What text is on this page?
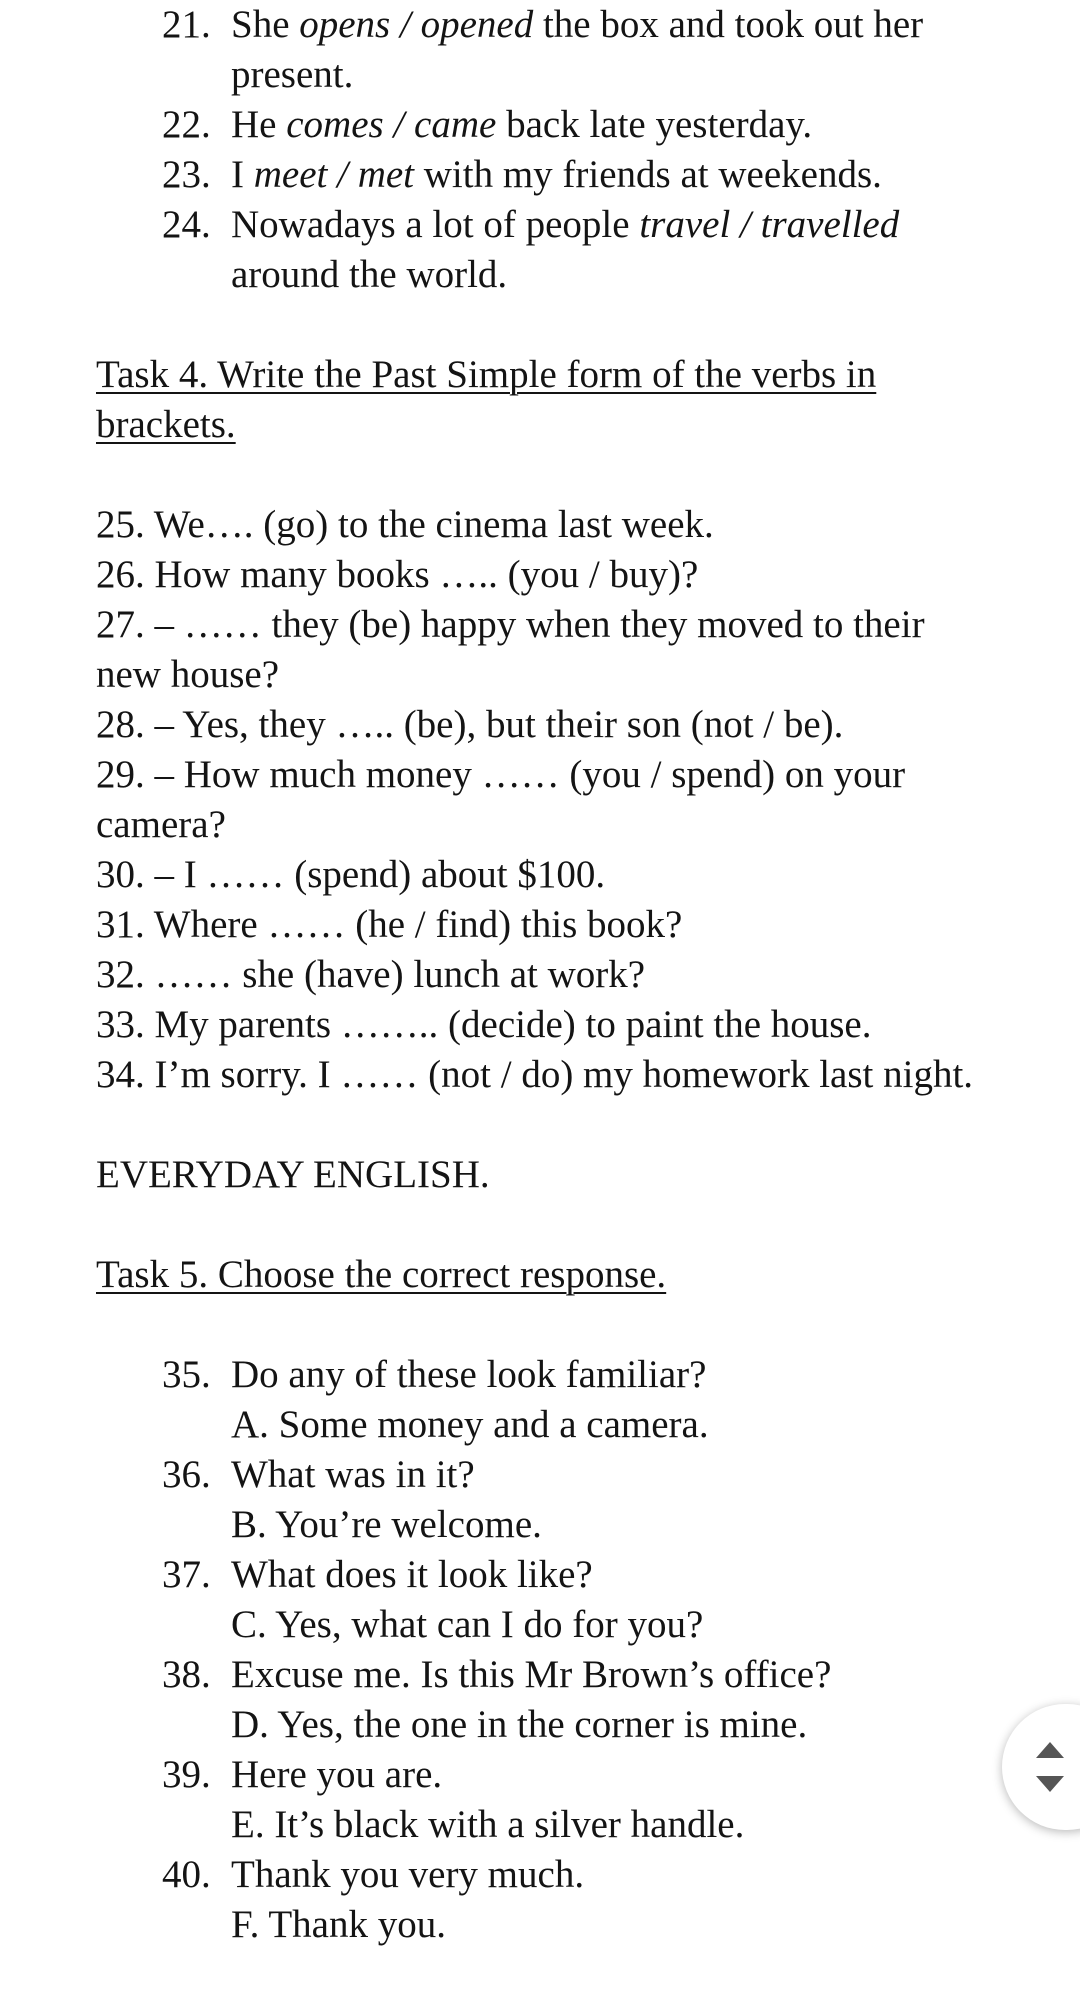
21. She opens / opened the box and took out her present.
22. He comes / came back late yesterday.
23. I meet / met with my friends at weekends.
24. Nowadays a lot of people travel / travelled around the world.

Task 4. Write the Past Simple form of the verbs in brackets.

25. We…. (go) to the cinema last week.

26. How many books ….. (you / buy)?

27. – …… they (be) happy when they moved to their new house?

28. – Yes, they ….. (be), but their son (not / be).

29. – How much money …… (you / spend) on your camera?

30. – I …… (spend) about $100.

31. Where …… (he / find) this book?

32. …… she (have) lunch at work?

33. My parents …….. (decide) to paint the house.

34. I’m sorry. I …… (not / do) my homework last night.

EVERYDAY ENGLISH.

Task 5. Choose the correct response.

35. Do any of these look familiar?
A. Some money and a camera.
36. What was in it?
B. You’re welcome.
37. What does it look like?
C. Yes, what can I do for you?
38. Excuse me. Is this Mr Brown’s office?
D. Yes, the one in the corner is mine.
39. Here you are.
E. It’s black with a silver handle.
40. Thank you very much.
F. Thank you.
